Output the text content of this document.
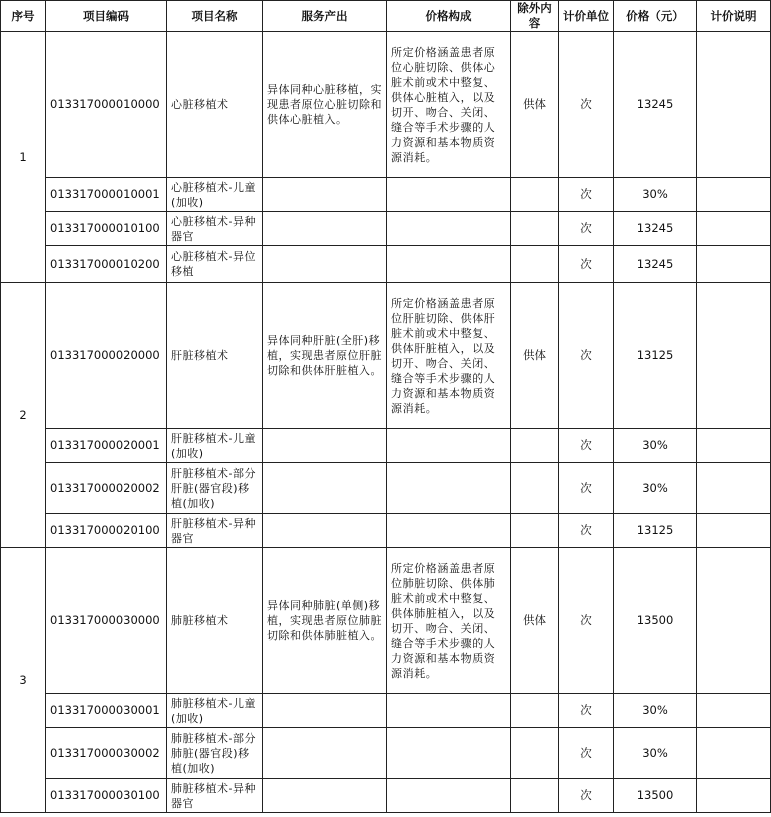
序号	项目编码	项目名称	服务产出	价格构成	除外内容	计价单位	价格（元）	计价说明
1	013317000010000	心脏移植术	异体同种心脏移植，实现患者原位心脏切除和供体心脏植入。	所定价格涵盖患者原位心脏切除、供体心脏术前或术中整复、供体心脏植入，以及切开、吻合、关闭、缝合等手术步骤的人力资源和基本物质资源消耗。	供体	次	13245	
	013317000010001	心脏移植术-儿童(加收)				次	30%	
	013317000010100	心脏移植术-异种器官				次	13245	
	013317000010200	心脏移植术-异位移植				次	13245	
2	013317000020000	肝脏移植术	异体同种肝脏(全肝)移植，实现患者原位肝脏切除和供体肝脏植入。	所定价格涵盖患者原位肝脏切除、供体肝脏术前或术中整复、供体肝脏植入，以及切开、吻合、关闭、缝合等手术步骤的人力资源和基本物质资源消耗。	供体	次	13125	
	013317000020001	肝脏移植术-儿童(加收)				次	30%	
	013317000020002	肝脏移植术-部分肝脏(器官段)移植(加收)				次	30%	
	013317000020100	肝脏移植术-异种器官				次	13125	
3	013317000030000	肺脏移植术	异体同种肺脏(单侧)移植，实现患者原位肺脏切除和供体肺脏植入。	所定价格涵盖患者原位肺脏切除、供体肺脏术前或术中整复、供体肺脏植入，以及切开、吻合、关闭、缝合等手术步骤的人力资源和基本物质资源消耗。	供体	次	13500	
	013317000030001	肺脏移植术-儿童(加收)				次	30%	
	013317000030002	肺脏移植术-部分肺脏(器官段)移植(加收)				次	30%	
	013317000030100	肺脏移植术-异种器官				次	13500	
